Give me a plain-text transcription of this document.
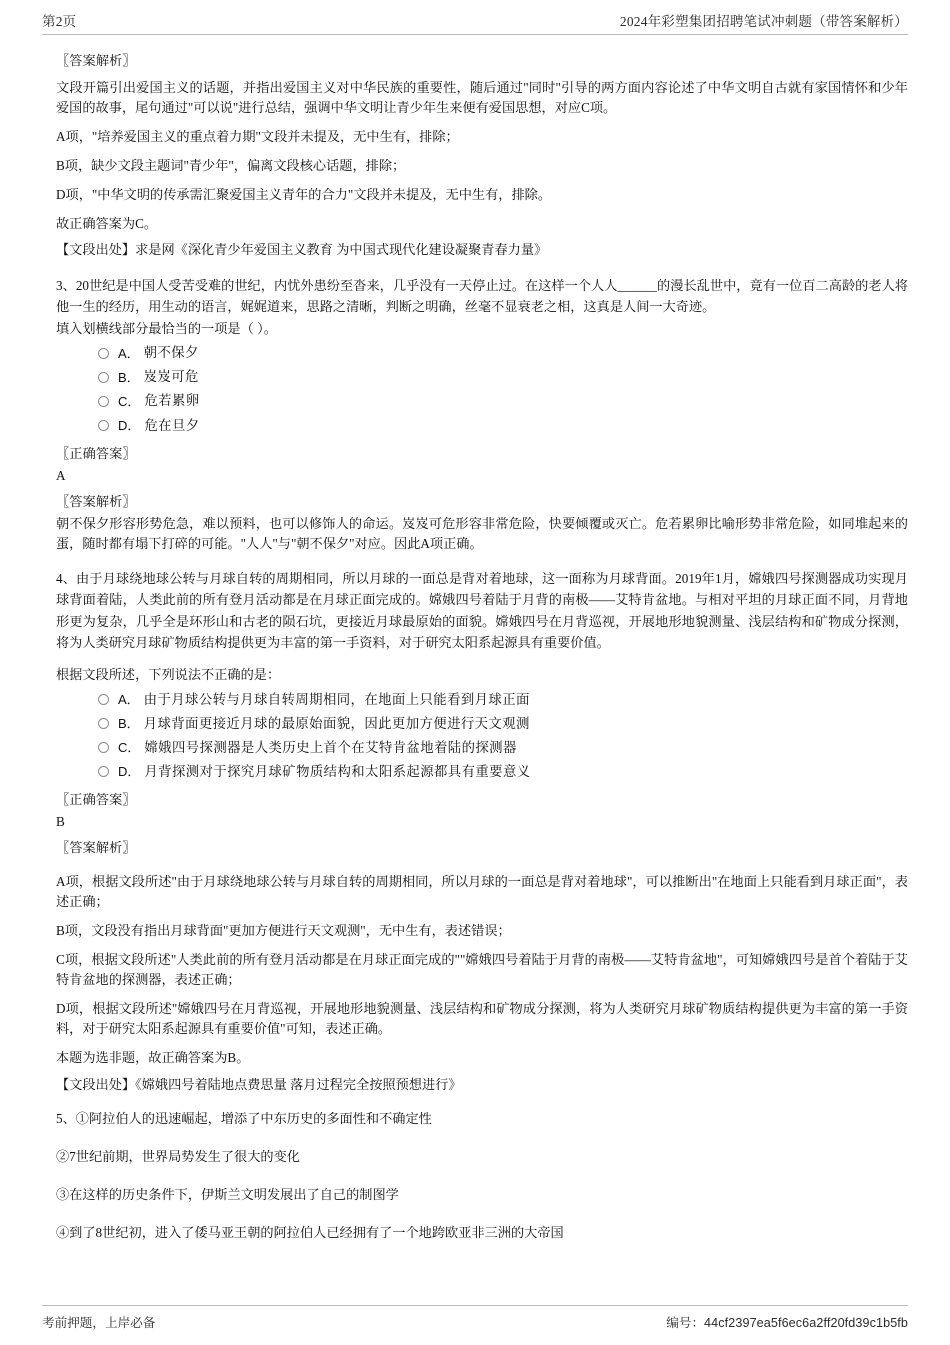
第2页	2024年彩塑集团招聘笔试冲刺题（带答案解析）
〖答案解析〗

文段开篇引出爱国主义的话题，并指出爱国主义对中华民族的重要性，随后通过"同时"引导的两方面内容论述了中华文明自古就有家国情怀和少年爱国的故事，尾句通过"可以说"进行总结，强调中华文明让青少年生来便有爱国思想，对应C项。

A项，"培养爱国主义的重点着力期"文段并未提及，无中生有，排除；

B项，缺少文段主题词"青少年"，偏离文段核心话题，排除；

D项，"中华文明的传承需汇聚爱国主义青年的合力"文段并未提及，无中生有，排除。

故正确答案为C。

【文段出处】求是网《深化青少年爱国主义教育 为中国式现代化建设凝聚青春力量》

3、20世纪是中国人受苦受难的世纪，内忧外患纷至沓来，几乎没有一天停止过。在这样一个人人______的漫长乱世中，竟有一位百二高龄的老人将他一生的经历，用生动的语言，娓娓道来，思路之清晰，判断之明确，丝毫不显衰老之相，这真是人间一大奇迹。

填入划横线部分最恰当的一项是（ ）。

A． 朝不保夕
B． 岌岌可危
C． 危若累卵
D． 危在旦夕
〖正确答案〗
A
〖答案解析〗

朝不保夕形容形势危急，难以预料，也可以修饰人的命运。岌岌可危形容非常危险，快要倾覆或灭亡。危若累卵比喻形势非常危险，如同堆起来的蛋，随时都有塌下打碎的可能。"人人"与"朝不保夕"对应。因此A项正确。

4、由于月球绕地球公转与月球自转的周期相同，所以月球的一面总是背对着地球，这一面称为月球背面。2019年1月，嫦娥四号探测器成功实现月球背面着陆，人类此前的所有登月活动都是在月球正面完成的。嫦娥四号着陆于月背的南极——艾特肯盆地。与相对平坦的月球正面不同，月背地形更为复杂，几乎全是环形山和古老的陨石坑，更接近月球最原始的面貌。嫦娥四号在月背巡视，开展地形地貌测量、浅层结构和矿物成分探测，将为人类研究月球矿物质结构提供更为丰富的第一手资料，对于研究太阳系起源具有重要价值。

根据文段所述，下列说法不正确的是：

A． 由于月球公转与月球自转周期相同，在地面上只能看到月球正面
B． 月球背面更接近月球的最原始面貌，因此更加方便进行天文观测
C． 嫦娥四号探测器是人类历史上首个在艾特肯盆地着陆的探测器
D． 月背探测对于探究月球矿物质结构和太阳系起源都具有重要意义
〖正确答案〗
B
〖答案解析〗

A项，根据文段所述"由于月球绕地球公转与月球自转的周期相同，所以月球的一面总是背对着地球"，可以推断出"在地面上只能看到月球正面"，表述正确；

B项，文段没有指出月球背面"更加方便进行天文观测"，无中生有，表述错误；

C项，根据文段所述"人类此前的所有登月活动都是在月球正面完成的""嫦娥四号着陆于月背的南极——艾特肯盆地"，可知嫦娥四号是首个着陆于艾特肯盆地的探测器，表述正确；

D项，根据文段所述"嫦娥四号在月背巡视，开展地形地貌测量、浅层结构和矿物成分探测，将为人类研究月球矿物质结构提供更为丰富的第一手资料，对于研究太阳系起源具有重要价值"可知，表述正确。

本题为选非题，故正确答案为B。

【文段出处】《嫦娥四号着陆地点费思量 落月过程完全按照预想进行》

5、①阿拉伯人的迅速崛起，增添了中东历史的多面性和不确定性

②7世纪前期，世界局势发生了很大的变化

③在这样的历史条件下，伊斯兰文明发展出了自己的制图学

④到了8世纪初，进入了倭马亚王朝的阿拉伯人已经拥有了一个地跨欧亚非三洲的大帝国

考前押题，上岸必备	编号：44cf2397ea5f6ec6a2ff20fd39c1b5fb
